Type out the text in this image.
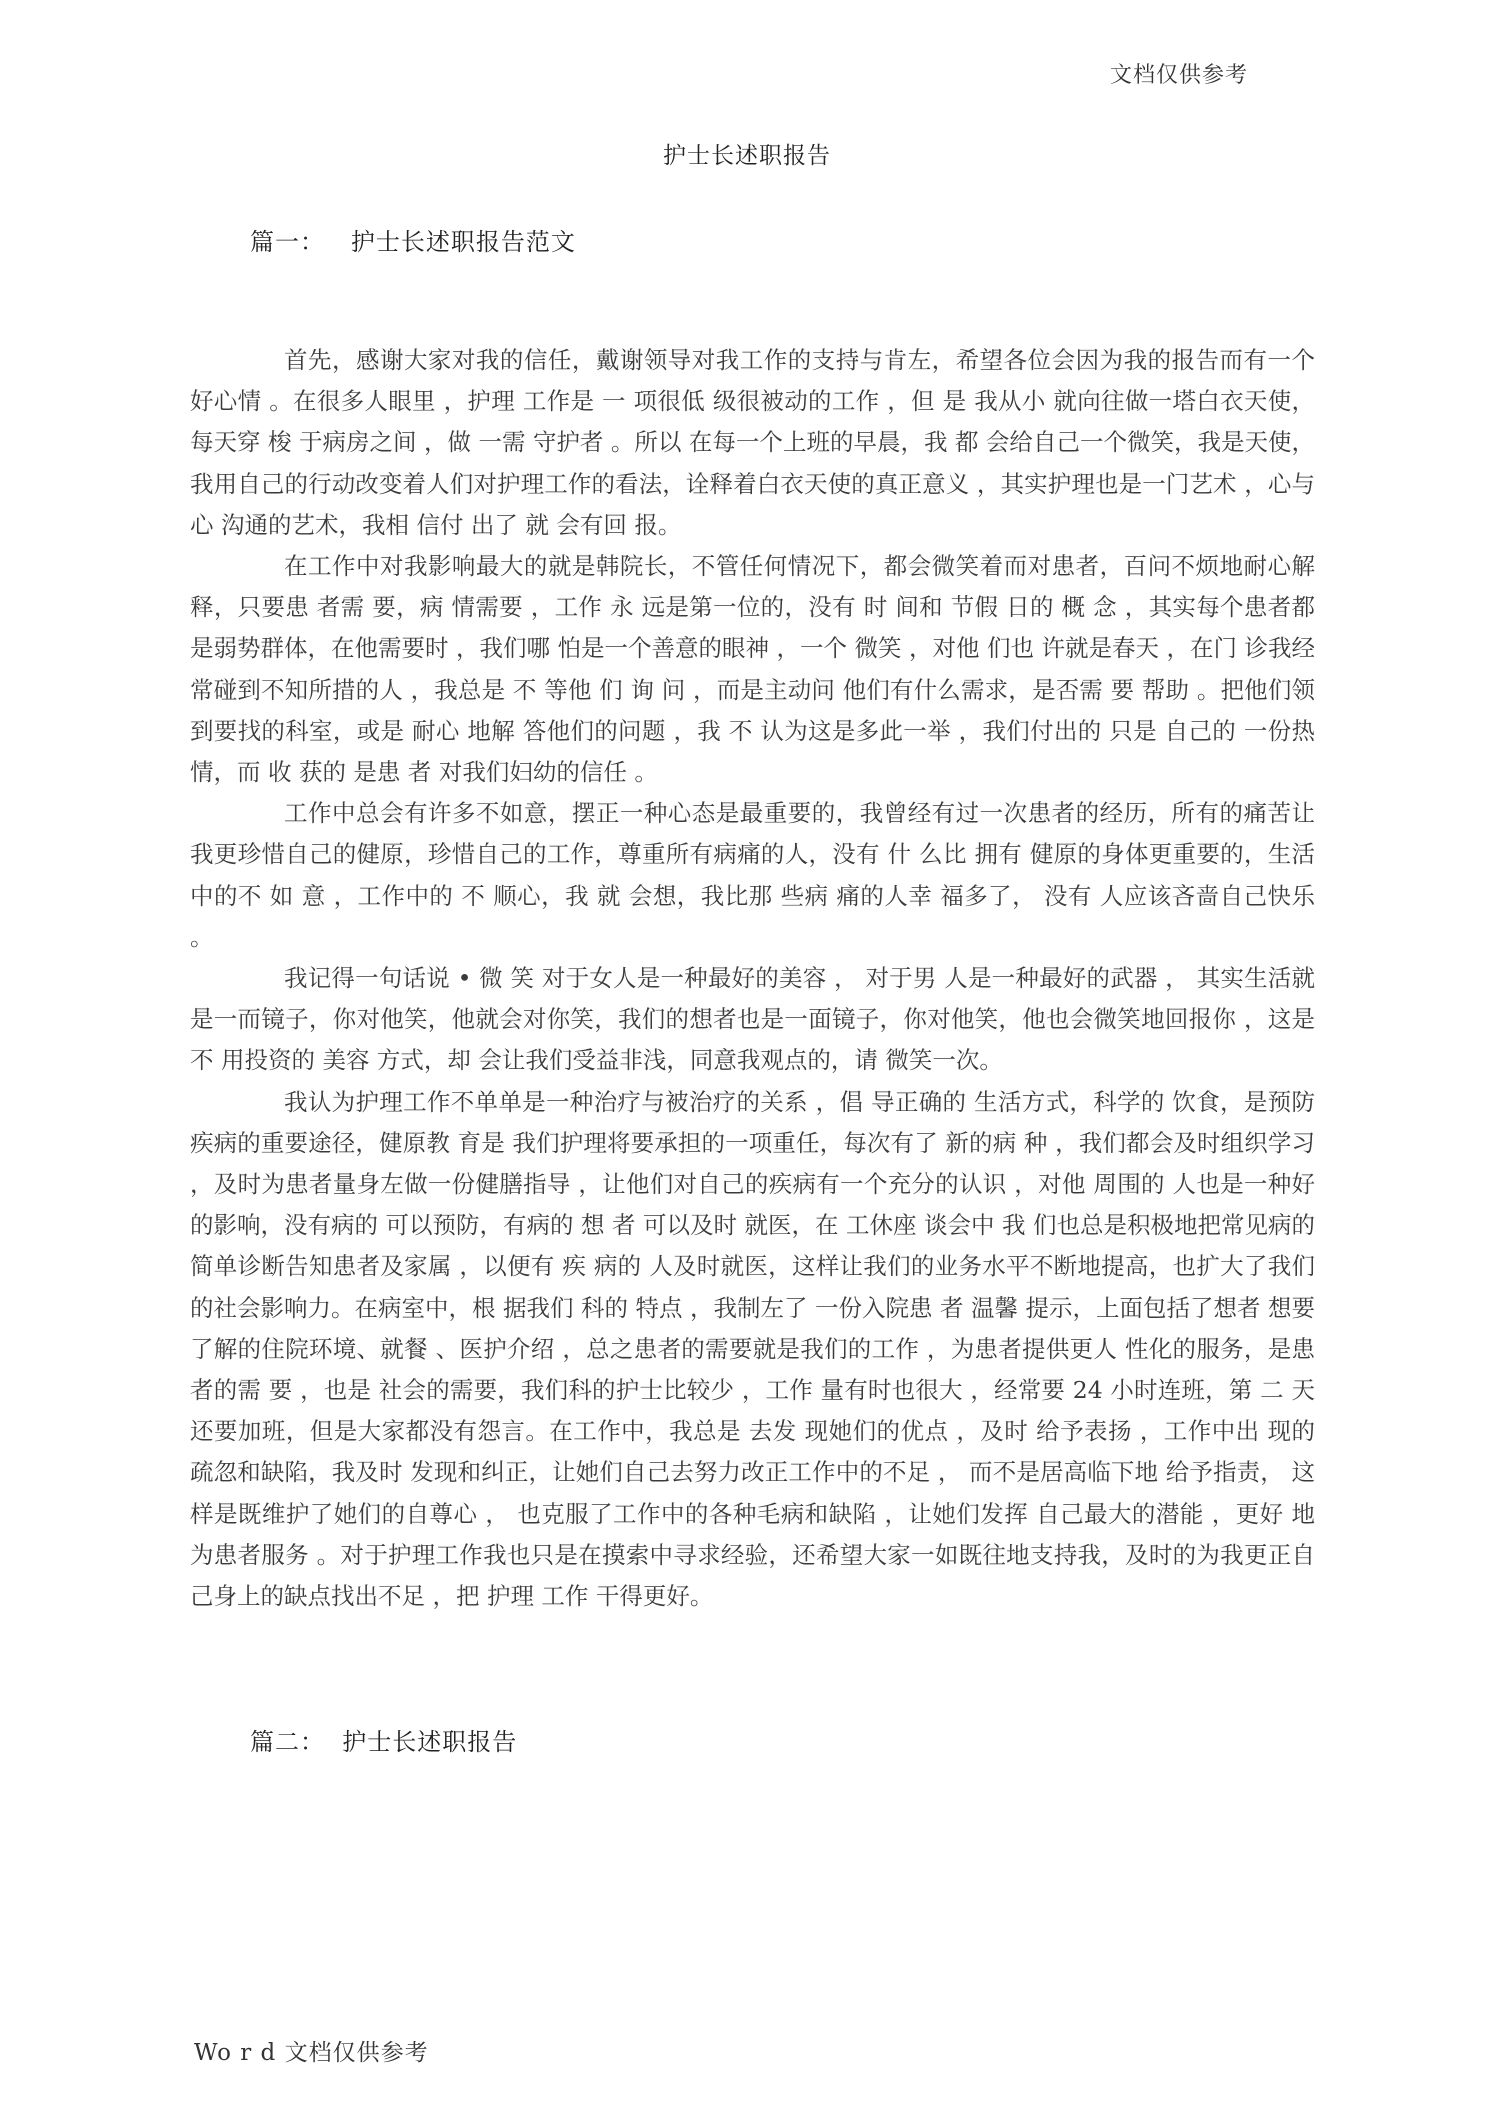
文档仅供参考
护士长述职报告
篇一：   护士长述职报告范文

首先，感谢大家对我的信任，戴谢领导对我工作的支持与肯左，希望各位会因为我的报告而有一个好心情 。在很多人眼里 ，护理 工作是 一 项很低 级很被动的工作 ，但 是 我从小 就向往做一塔白衣天使，每天穿 梭 于病房之间 ，做 一需 守护者 。所以 在每一个上班的早晨，我 都 会给自己一个微笑，我是天使，我用自己的行动改变着人们对护理工作的看法，诠释着白衣天使的真正意义 ，其实护理也是一门艺术 ，心与心 沟通的艺术，我相 信付 出了 就 会有回 报。

在工作中对我影响最大的就是韩院长，不管任何情况下，都会微笑着而对患者，百问不烦地耐心解释，只要患 者需 要，病 情需要 ，工作 永 远是第一位的，没有 时 间和 节假 日的 概 念 ，其实每个患者都是弱势群体，在他需要时 ，我们哪 怕是一个善意的眼神 ，一个 微笑 ，对他 们也 许就是春天 ，在门 诊我经常碰到不知所措的人 ，我总是 不 等他 们 询 问 ，而是主动问 他们有什么需求，是否需 要 帮助 。把他们领到要找的科室，或是 耐心 地解 答他们的问题 ，我 不 认为这是多此一举 ，我们付出的 只是 自己的 一份热 情，而 收 获的 是患 者 对我们妇幼的信任 。

工作中总会有许多不如意，摆正一种心态是最重要的，我曾经有过一次患者的经历，所有的痛苦让我更珍惜自己的健原，珍惜自己的工作，尊重所有病痛的人，没有 什 么比 拥有 健原的身体更重要的，生活中的不 如 意 ，工作中的 不 顺心，我 就 会想，我比那 些病 痛的人幸 福多了， 没有 人应该吝啬自己快乐 。

我记得一句话说 • 微 笑 对于女人是一种最好的美容 ， 对于男 人是一种最好的武器 ， 其实生活就是一而镜子，你对他笑，他就会对你笑，我们的想者也是一面镜子，你对他笑，他也会微笑地回报你 ，这是 不 用投资的 美容 方式，却 会让我们受益非浅，同意我观点的，请 微笑一次。

我认为护理工作不单单是一种治疗与被治疗的关系 ，倡 导正确的 生活方式，科学的 饮食，是预防疾病的重要途径，健原教 育是 我们护理将要承担的一项重任，每次有了 新的病 种 ，我们都会及时组织学习 ，及时为患者量身左做一份健膳指导 ，让他们对自己的疾病有一个充分的认识 ，对他 周围的 人也是一种好的影响，没有病的 可以预防，有病的 想 者 可以及时 就医，在 工休座 谈会中 我 们也总是积极地把常见病的简单诊断告知患者及家属 ，以便有 疾 病的 人及时就医，这样让我们的业务水平不断地提高，也扩大了我们的社会影响力。在病室中，根 据我们 科的 特点 ，我制左了 一份入院患 者 温馨 提示，上面包括了想者 想要了解的住院环境、就餐 、医护介绍 ，总之患者的需要就是我们的工作 ，为患者提供更人 性化的服务，是患 者的需 要 ，也是 社会的需要，我们科的护士比较少 ，工作 量有时也很大 ，经常要 24 小时连班，第 二 天还要加班，但是大家都没有怨言。在工作中，我总是 去发 现她们的优点 ，及时 给予表扬 ，工作中出 现的 疏忽和缺陷，我及时 发现和纠正，让她们自己去努力改正工作中的不足 ， 而不是居高临下地 给予指责， 这样是既维护了她们的自尊心 ， 也克服了工作中的各种毛病和缺陷 ，让她们发挥 自己最大的潜能 ，更好 地为患者服务 。对于护理工作我也只是在摸索中寻求经验，还希望大家一如既往地支持我，及时的为我更正自己身上的缺点找出不足 ，把 护理 工作 干得更好。

篇二：  护士长述职报告
Wo r d 文档仅供参考
